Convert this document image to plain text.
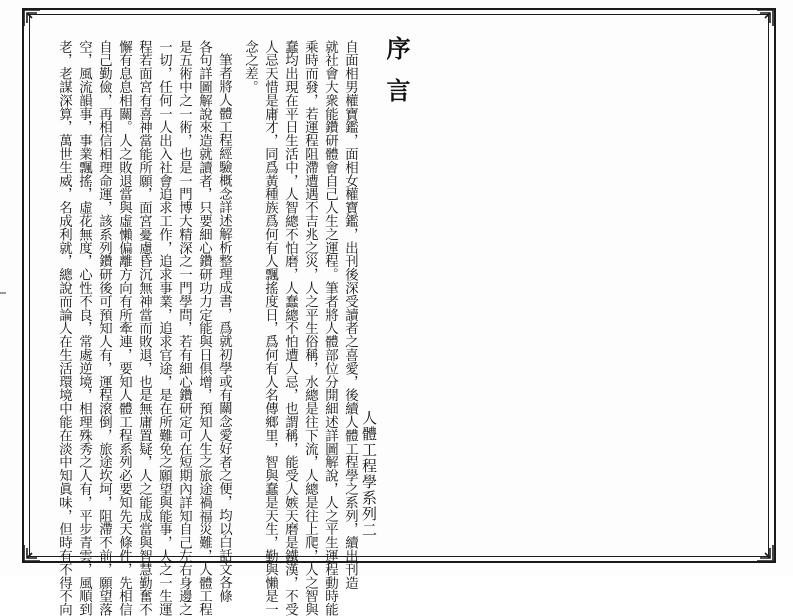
人體工程學系列二
序言
自面相男權寶鑑，面相女權寶鑑，出刊後深受讀者之喜愛，後續人體工程學之系列，續出刊造
就社會大衆能鑽研體會自己人生之運程。筆者將人體部位分開細述詳圖解說，人之平生運程動時能
乘時而發，若運程阻滯遭遇不吉兆之災，人之平生俗稱，水總是往下流，人總是往上爬，人之智與
蠢均出現在平日生活中，人智總不怕磨，人蠢總不怕遭人忌，也謂稱，能受人嫉天磨是鐵漢，不受
人忌天惜是庸才，同爲黃種族爲何有人飄搖度日，爲何有人名傳鄉里，智與蠢是天生，勤與懶是一
念之差。
筆者將人體工程經驗概念詳述解析整理成書，爲就初學或有關念愛好者之便，均以白話文各條
各句詳圖解說來造就讀者，只要細心鑽研功力定能與日俱增，預知人生之旅途禍福災難，人體工程
是五術中之一術，也是一門博大精深之一門學問，若有細心鑽研定可在短期內詳知自己左右身邊之
一切，任何一人出入社會追求工作，追求事業，追求官途，是在所難免之願望與能事，人之一生運
程若面宮有喜神當能所願，面宮憂慮昏沉無神當而敗退，也是無庸置疑，人之能成當與智慧勤奮不
懈有息息相關。人之敗退當與虛懶偏離方向有所牽連，要知人體工程系列必要知先天條件，先相信
自己勤儉，再相信相理命運，該系列鑽研後可預知人有，運程滾倒，旅途坎坷，阻滯不前，願望落
空，風流韻事，事業飄搖，虛花無度，心性不良，常處逆境，相理殊秀之人有，平步青雲，風順到
老，老謀深算，萬世生威，名成利就，總說而論人在生活環境中能在淡中知眞味，但時有不得不向
